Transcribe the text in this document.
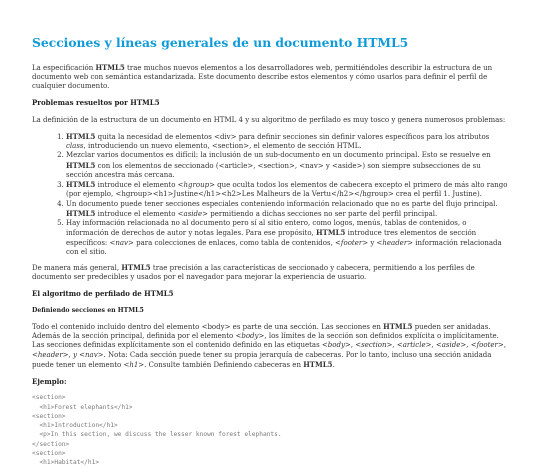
Secciones y líneas generales de un documento HTML5

La especificación HTML5 trae muchos nuevos elementos a los desarrolladores web, permitiéndoles describir la estructura de un documento web con semántica estandarizada. Este documento describe estos elementos y cómo usarlos para definir el perfil de cualquier documento.

Problemas resueltos por HTML5

La definición de la estructura de un documento en HTML 4 y su algoritmo de perfilado es muy tosco y genera numerosos problemas:

1. HTML5 quita la necesidad de elementos <div> para definir secciones sin definir valores específicos para los atributos class, introduciendo un nuevo elemento, <section>, el elemento de sección HTML.
2. Mezclar varios documentos es difícil: la inclusión de un sub-documento en un documento principal. Esto se resuelve en HTML5 con los elementos de seccionado (<article>, <section>, <nav> y <aside>) son siempre subsecciones de su sección ancestra más cercana.
3. HTML5 introduce el elemento <hgroup> que oculta todos los elementos de cabecera excepto el primero de más alto rango (por ejemplo, <hgroup><h1>Justine</h1><h2>Les Malheurs de la Vertu</h2></hgroup> crea el perfil 1. Justine).
4. Un documento puede tener secciones especiales conteniendo información relacionado que no es parte del flujo principal. HTML5 introduce el elemento <aside> permitiendo a dichas secciones no ser parte del perfil principal.
5. Hay información relacionada no al documento pero sí al sitio entero, como logos, menús, tablas de contenidos, o información de derechos de autor y notas legales. Para ese propósito, HTML5 introduce tres elementos de sección específicos: <nav> para colecciones de enlaces, como tabla de contenidos, <footer> y <header> información relacionada con el sitio.

De manera más general, HTML5 trae precisión a las características de seccionado y cabecera, permitiendo a los perfiles de documento ser predecibles y usados por el navegador para mejorar la experiencia de usuario.

El algoritmo de perfilado de HTML5
Definiendo secciones en HTML5

Todo el contenido incluido dentro del elemento <body> es parte de una sección. Las secciones en HTML5 pueden ser anidadas. Además de la sección principal, definida por el elemento <body>, los límites de la sección son definidos explícita o implícitamente. Las secciones definidas explícitamente son el contenido definido en las etiquetas <body>, <section>, <article>, <aside>, <footer>, <header>, y <nav>. Nota: Cada sección puede tener su propia jerarquía de cabeceras. Por lo tanto, incluso una sección anidada puede tener un elemento <h1>. Consulte también Definiendo cabeceras en HTML5.

Ejemplo:
<section>
<h1>Forest elephants</h1>
<section>
<h1>Introduction</h1>
<p>In this section, we discuss the lesser known forest elephants.
</section>
<section>
<h1>Habitat</h1>
